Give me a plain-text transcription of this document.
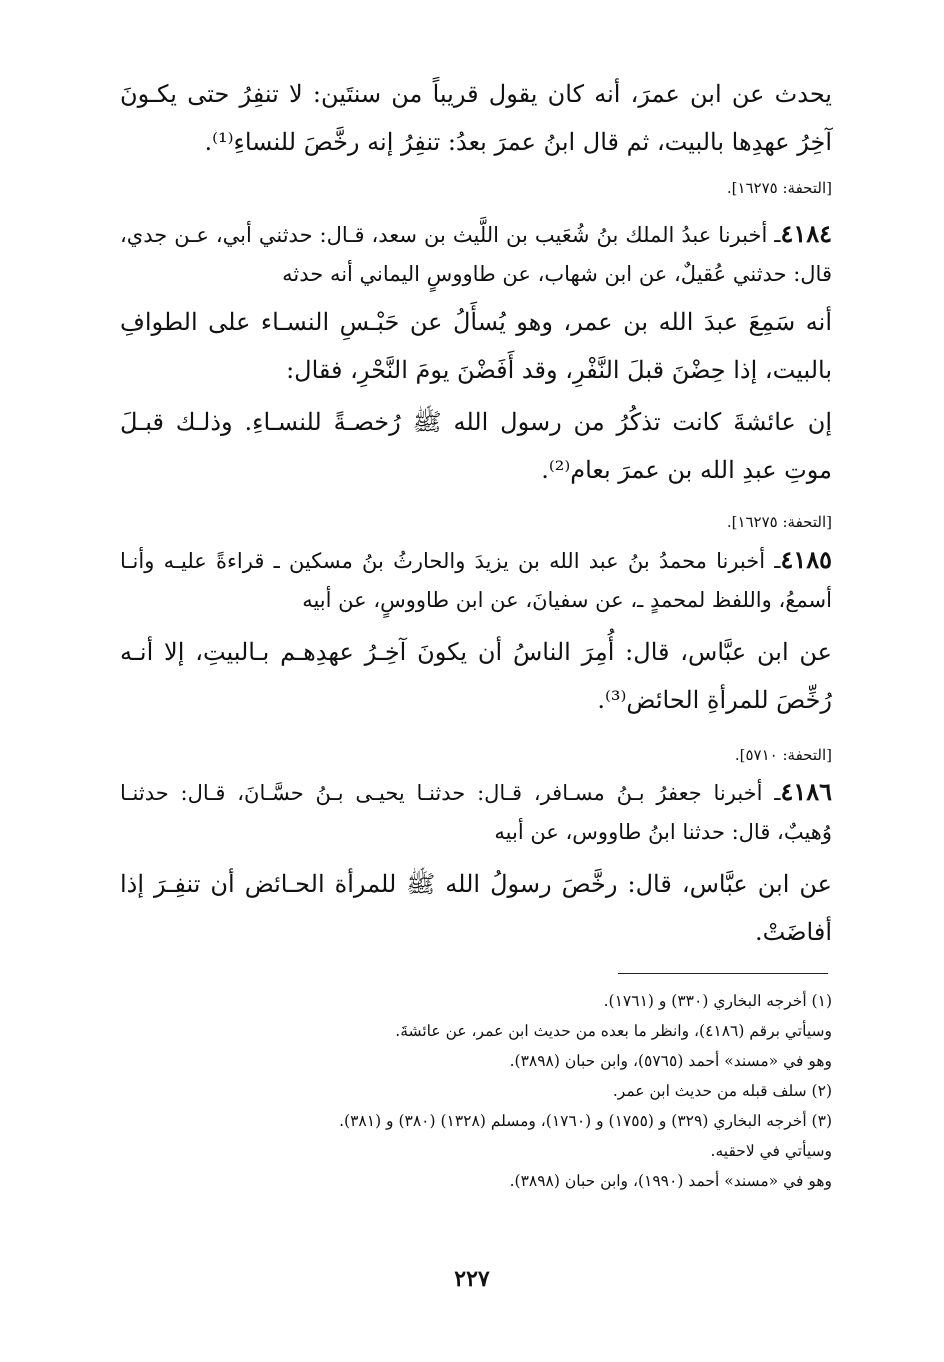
يحدث عن ابن عمرَ، أنه كان يقول قريباً من سنتَين: لا تنفِرُ حتى يكـونَ آخِرُ عهدِها بالبيت، ثم قال ابنُ عمرَ بعدُ: تنفِرُ إنه رخَّصَ للنساءِ⁽¹⁾.

[التحفة: ١٦٢٧٥].

٤١٨٤ـ أخبرنا عبدُ الملك بنُ شُعَيب بن اللَّيث بن سعد، قـال: حدثني أبي، عـن جدي، قال: حدثني عُقيلٌ، عن ابن شهاب، عن طاووسٍ اليماني أنه حدثه

أنه سَمِعَ عبدَ الله بن عمر، وهو يُسأَلُ عن حَبْـسِ النسـاء على الطوافِ بالبيت، إذا حِضْنَ قبلَ النَّفْرِ، وقد أَفَضْنَ يومَ النَّحْرِ، فقال:

إن عائشةَ كانت تذكُرُ من رسول الله ﷺ رُخصـةً للنسـاءِ. وذلـك قبـلَ موتِ عبدِ الله بن عمرَ بعام⁽²⁾.

[التحفة: ١٦٢٧٥].

٤١٨٥ـ أخبرنا محمدُ بنُ عبد الله بن يزيدَ والحارثُ بنُ مسكين ـ قراءةً عليـه وأنـا أسمعُ، واللفظ لمحمدٍ ـ، عن سفيانَ، عن ابن طاووسٍ، عن أبيه

عن ابن عبَّاس، قال: أُمِرَ الناسُ أن يكونَ آخِـرُ عهدِهـم بـالبيتِ، إلا أنـه رُخِّصَ للمرأةِ الحائض⁽³⁾.

[التحفة: ٥٧١٠].

٤١٨٦ـ أخبرنا جعفرُ بـنُ مسـافر، قـال: حدثنـا يحيـى بـنُ حسَّـانَ، قـال: حدثنـا وُهيبٌ، قال: حدثنا ابنُ طاووس، عن أبيه

عن ابن عبَّاس، قال: رخَّصَ رسولُ الله ﷺ للمرأة الحـائض أن تنفِـرَ إذا أفاضَتْ.

(١) أخرجه البخاري (٣٣٠) و (١٧٦١).
وسيأتي برقم (٤١٨٦)، وانظر ما بعده من حديث ابن عمر، عن عائشةَ.
وهو في «مسند» أحمد (٥٧٦٥)، وابن حبان (٣٨٩٨).
(٢) سلف قبله من حديث ابن عمر.
(٣) أخرجه البخاري (٣٢٩) و (١٧٥٥) و (١٧٦٠)، ومسلم (١٣٢٨) (٣٨٠) و (٣٨١).
وسيأتي في لاحقيه.
وهو في «مسند» أحمد (١٩٩٠)، وابن حبان (٣٨٩٨).
٢٢٧
